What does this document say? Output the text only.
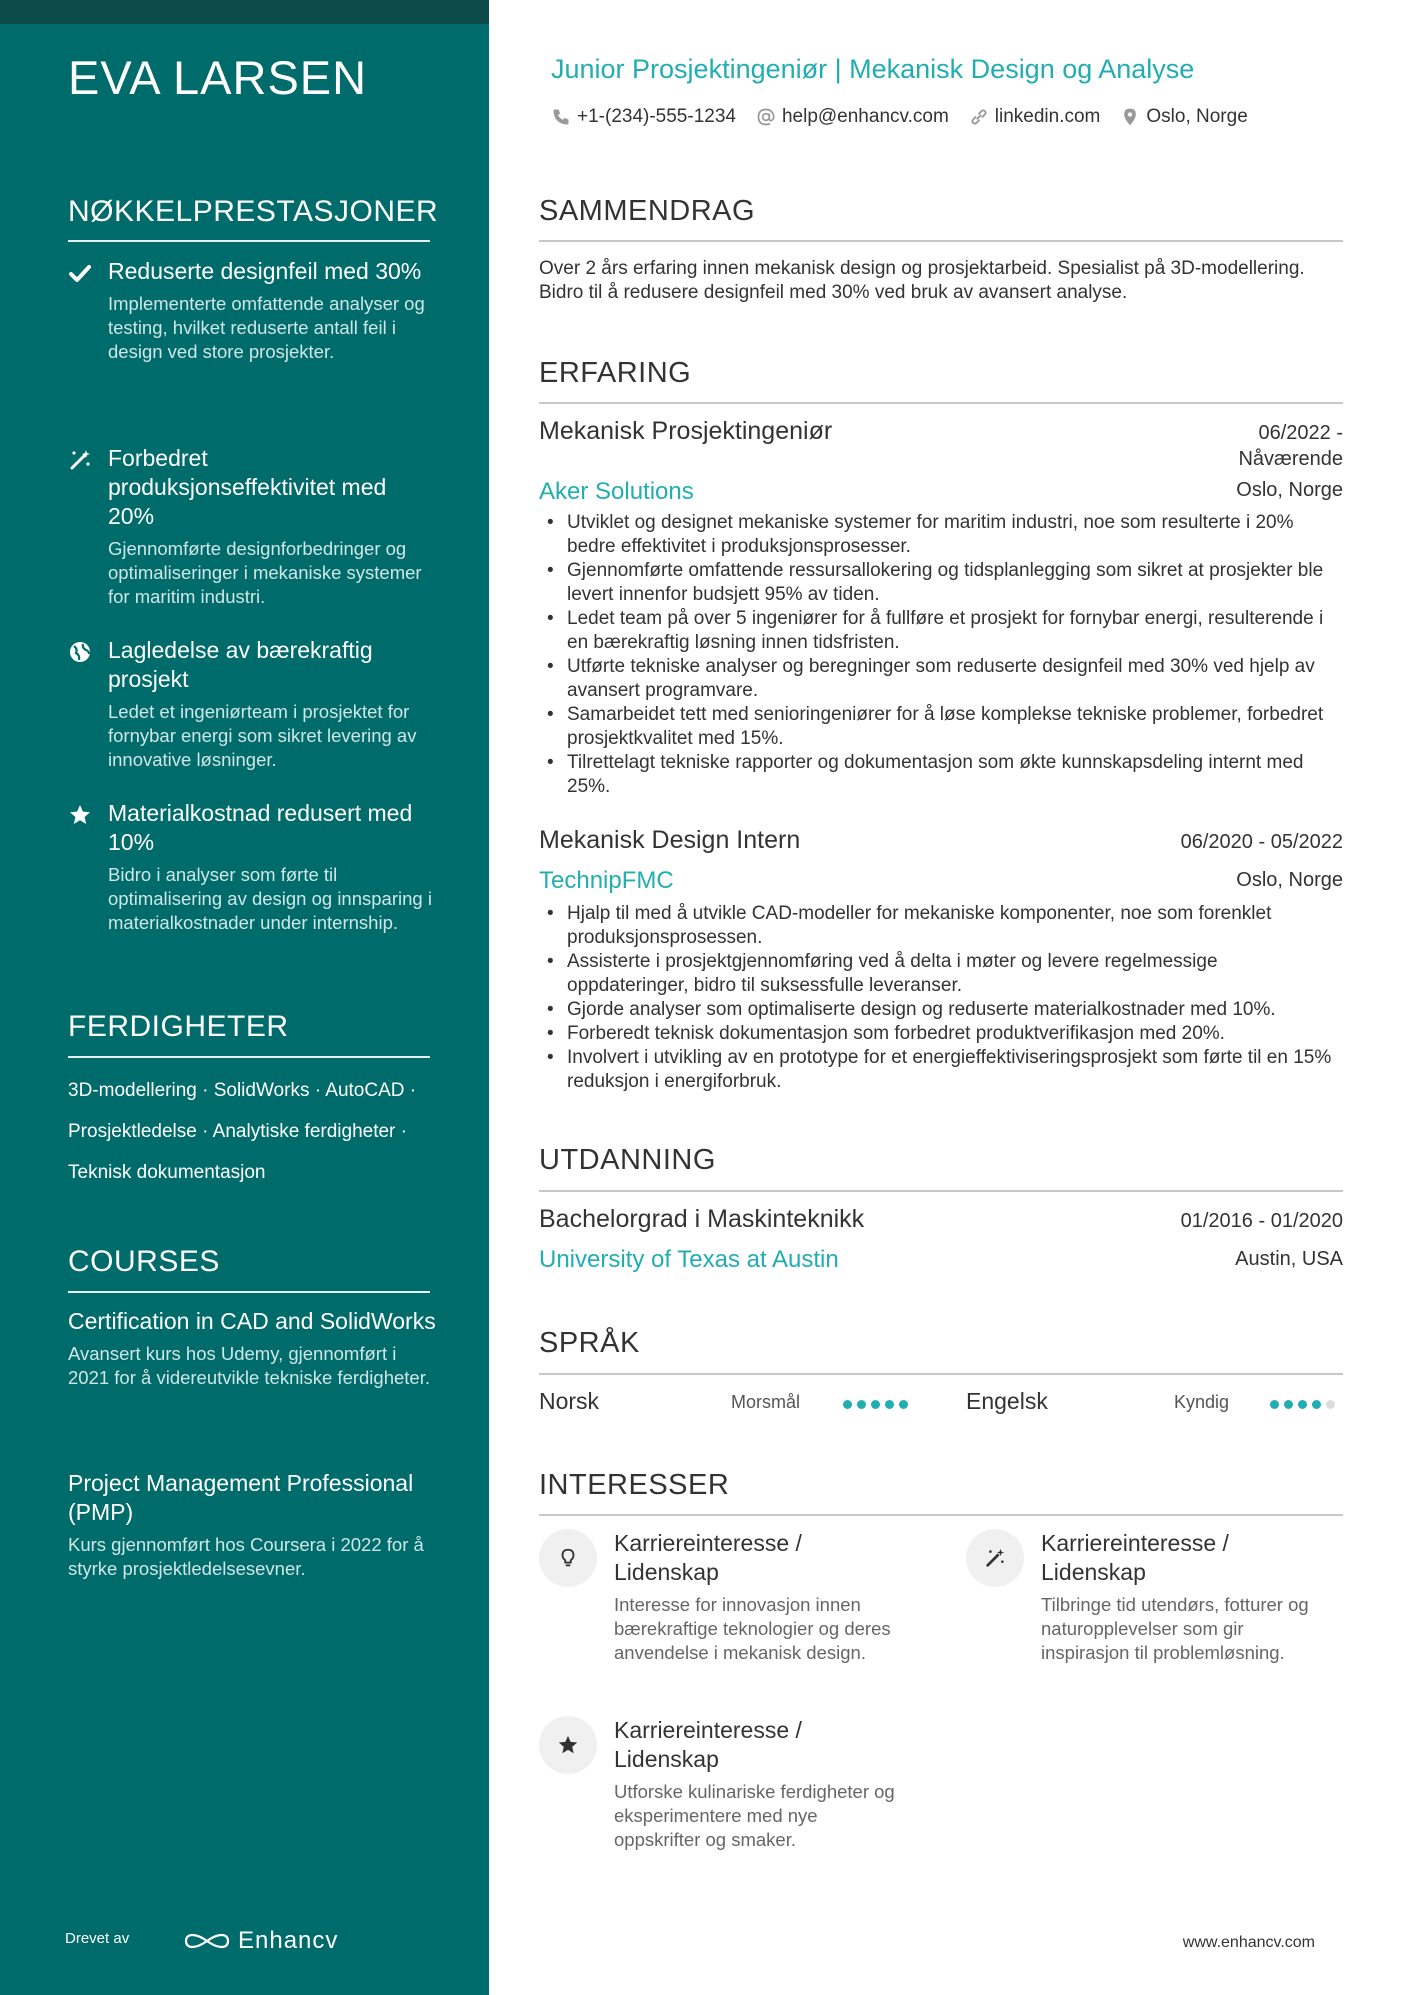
EVA LARSEN
NØKKELPRESTASJONER
Reduserte designfeil med 30%
Implementerte omfattende analyser og testing, hvilket reduserte antall feil i design ved store prosjekter.
Forbedret produksjonseffektivitet med 20%
Gjennomførte designforbedringer og optimaliseringer i mekaniske systemer for maritim industri.
Lagledelse av bærekraftig prosjekt
Ledet et ingeniørteam i prosjektet for fornybar energi som sikret levering av innovative løsninger.
Materialkostnad redusert med 10%
Bidro i analyser som førte til optimalisering av design og innsparing i materialkostnader under internship.
FERDIGHETER
3D-modellering · SolidWorks · AutoCAD · Prosjektledelse · Analytiske ferdigheter · Teknisk dokumentasjon
COURSES
Certification in CAD and SolidWorks
Avansert kurs hos Udemy, gjennomført i 2021 for å videreutvikle tekniske ferdigheter.
Project Management Professional (PMP)
Kurs gjennomført hos Coursera i 2022 for å styrke prosjektledelsesevner.
Drevet av	Enhancv
Junior Prosjektingeniør | Mekanisk Design og Analyse
+1-(234)-555-1234 help@enhancv.com linkedin.com Oslo, Norge
SAMMENDRAG
Over 2 års erfaring innen mekanisk design og prosjektarbeid. Spesialist på 3D-modellering. Bidro til å redusere designfeil med 30% ved bruk av avansert analyse.
ERFARING
Mekanisk Prosjektingeniør	06/2022 - Nåværende
Aker Solutions	Oslo, Norge
• Utviklet og designet mekaniske systemer for maritim industri, noe som resulterte i 20% bedre effektivitet i produksjonsprosesser.
• Gjennomførte omfattende ressursallokering og tidsplanlegging som sikret at prosjekter ble levert innenfor budsjett 95% av tiden.
• Ledet team på over 5 ingeniører for å fullføre et prosjekt for fornybar energi, resulterende i en bærekraftig løsning innen tidsfristen.
• Utførte tekniske analyser og beregninger som reduserte designfeil med 30% ved hjelp av avansert programvare.
• Samarbeidet tett med senioringeniører for å løse komplekse tekniske problemer, forbedret prosjektkvalitet med 15%.
• Tilrettelagt tekniske rapporter og dokumentasjon som økte kunnskapsdeling internt med 25%.
Mekanisk Design Intern	06/2020 - 05/2022
TechnipFMC	Oslo, Norge
• Hjalp til med å utvikle CAD-modeller for mekaniske komponenter, noe som forenklet produksjonsprosessen.
• Assisterte i prosjektgjennomføring ved å delta i møter og levere regelmessige oppdateringer, bidro til suksessfulle leveranser.
• Gjorde analyser som optimaliserte design og reduserte materialkostnader med 10%.
• Forberedt teknisk dokumentasjon som forbedret produktverifikasjon med 20%.
• Involvert i utvikling av en prototype for et energieffektiviseringsprosjekt som førte til en 15% reduksjon i energiforbruk.
UTDANNING
Bachelorgrad i Maskinteknikk	01/2016 - 01/2020
University of Texas at Austin	Austin, USA
SPRÅK
Norsk	Morsmål	Engelsk	Kyndig
INTERESSER
Karriereinteresse / Lidenskap
Interesse for innovasjon innen bærekraftige teknologier og deres anvendelse i mekanisk design.
Karriereinteresse / Lidenskap
Tilbringe tid utendørs, fotturer og naturopplevelser som gir inspirasjon til problemløsning.
Karriereinteresse / Lidenskap
Utforske kulinariske ferdigheter og eksperimentere med nye oppskrifter og smaker.
www.enhancv.com
